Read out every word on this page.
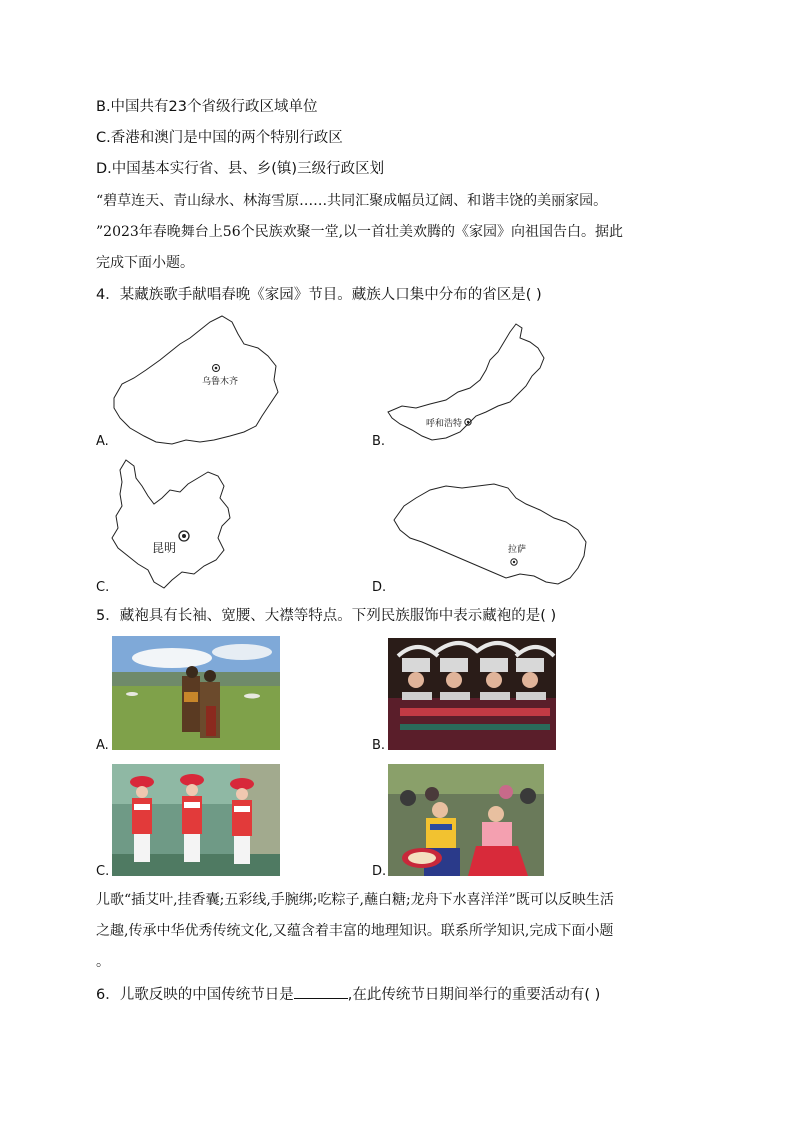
B.中国共有23个省级行政区域单位
C.香港和澳门是中国的两个特别行政区
D.中国基本实行省、县、乡(镇)三级行政区划
“碧草连天、青山绿水、林海雪原……共同汇聚成幅员辽阔、和谐丰饶的美丽家园。
”2023年春晚舞台上56个民族欢聚一堂,以一首壮美欢腾的《家园》向祖国告白。据此
完成下面小题。
4．某藏族歌手献唱春晚《家园》节目。藏族人口集中分布的省区是( )
乌鲁木齐
A.
呼和浩特
B.
昆明
C.
拉萨
D.
5．藏袍具有长袖、宽腰、大襟等特点。下列民族服饰中表示藏袍的是( )
A.	B.
C.	D.
儿歌“插艾叶,挂香囊;五彩线,手腕绑;吃粽子,蘸白糖;龙舟下水喜洋洋”既可以反映生活
之趣,传承中华优秀传统文化,又蕴含着丰富的地理知识。联系所学知识,完成下面小题
。
6．儿歌反映的中国传统节日是	,在此传统节日期间举行的重要活动有( )
